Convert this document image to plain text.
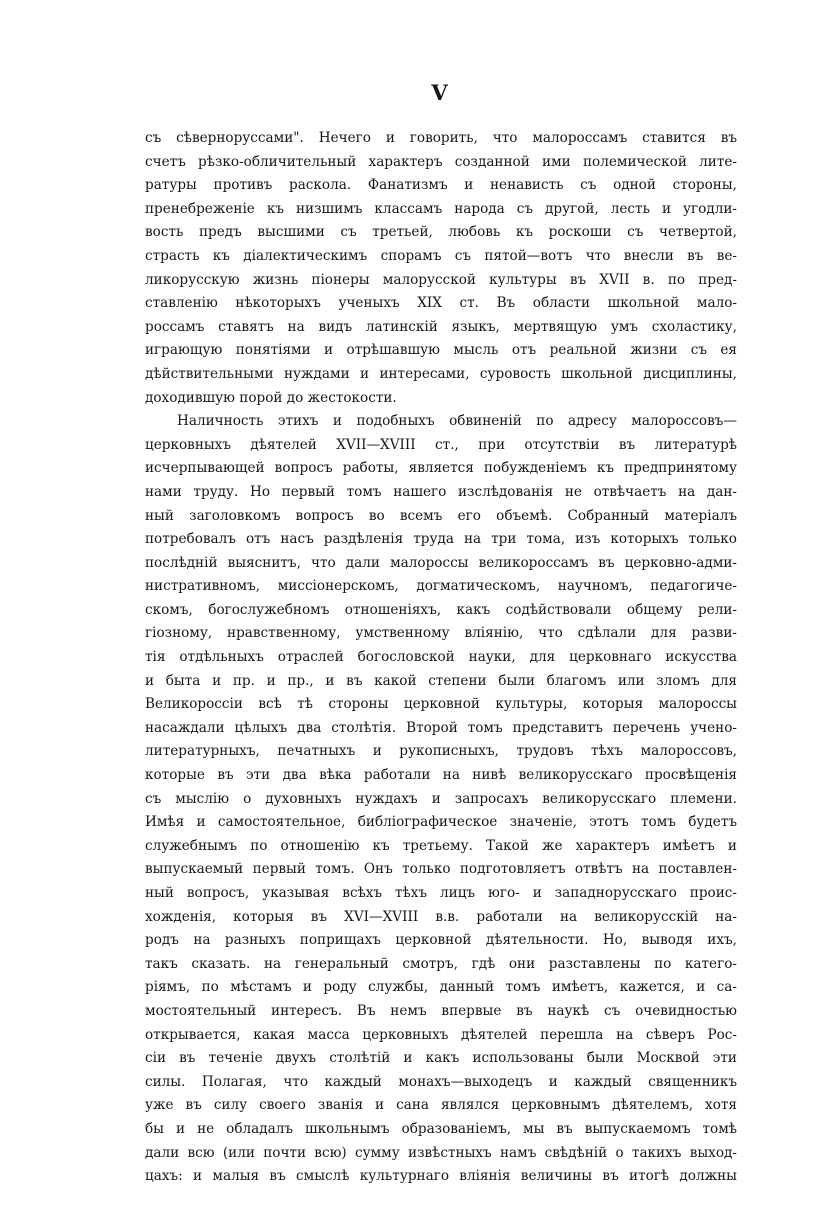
V
съ сѣвернорусcами". Нечего и говорить, что малороссамъ ставится въ
счетъ рѣзко-обличительный характеръ созданной ими полемической лите-
ратуры противъ раскола. Фанатизмъ и ненависть съ одной стороны,
пренебреженіе къ низшимъ классамъ народа съ другой, лесть и угодли-
вость предъ высшими съ третьей, любовь къ роскоши съ четвертой,
страсть къ діалектическимъ спорамъ съ пятой—вотъ что внесли въ ве-
ликорусскую жизнь піонеры малорусской культуры въ XVII в. по пред-
ставленію нѣкоторыхъ ученыхъ XIX ст. Въ области школьной мало-
россамъ ставятъ на видъ латинскій языкъ, мертвящую умъ схоластику,
играющую понятіями и отрѣшавшую мысль отъ реальной жизни съ ея
дѣйствительными нуждами и интересами, суровость школьной дисциплины,
доходившую порой до жестокости.
Наличность этихъ и подобныхъ обвиненій по адресу малороссовъ—
церковныхъ дѣятелей XVII—XVIII ст., при отсутствіи въ литературѣ
исчерпывающей вопросъ работы, является побужденіемъ къ предпринятому
нами труду. Но первый томъ нашего изслѣдованія не отвѣчаетъ на дан-
ный заголовкомъ вопросъ во всемъ его объемѣ. Собранный матеріалъ
потребовалъ отъ насъ раздѣленія труда на три тома, изъ которыхъ только
послѣдній выяснитъ, что дали малороссы великороссамъ въ церковно-адми-
нистративномъ, миссіонерскомъ, догматическомъ, научномъ, педагогиче-
скомъ, богослужебномъ отношеніяхъ, какъ содѣйствовали общему рели-
гіозному, нравственному, умственному вліянію, что сдѣлали для разви-
тія отдѣльныхъ отраслей богословской науки, для церковнаго искусства
и быта и пр. и пр., и въ какой степени были благомъ или зломъ для
Великороссіи всѣ тѣ стороны церковной культуры, которыя малороссы
насаждали цѣлыхъ два столѣтія. Второй томъ представитъ перечень учено-
литературныхъ, печатныхъ и рукописныхъ, трудовъ тѣхъ малороссовъ,
которые въ эти два вѣка работали на нивѣ великорусскаго просвѣщенія
съ мыслію о духовныхъ нуждахъ и запросахъ великорусскаго племени.
Имѣя и самостоятельное, библіографическое значеніе, этотъ томъ будетъ
служебнымъ по отношенію къ третьему. Такой же характеръ имѣетъ и
выпускаемый первый томъ. Онъ только подготовляетъ отвѣтъ на поставлен-
ный вопросъ, указывая всѣхъ тѣхъ лицъ юго- и западнорусскаго проис-
хожденія, которыя въ XVI—XVIII в.в. работали на великорусскій на-
родъ на разныхъ поприщахъ церковной дѣятельности. Но, выводя ихъ,
такъ сказать. на генеральный смотръ, гдѣ они разставлены по катего-
ріямъ, по мѣстамъ и роду службы, данный томъ имѣетъ, кажется, и са-
мостоятельный интересъ. Въ немъ впервые въ наукѣ съ очевидностью
открывается, какая масса церковныхъ дѣятелей перешла на сѣверъ Рос-
сіи въ теченіе двухъ столѣтій и какъ использованы были Москвой эти
силы. Полагая, что каждый монахъ—выходецъ и каждый священникъ
уже въ силу своего званія и сана являлся церковнымъ дѣятелемъ, хотя
бы и не обладалъ школьнымъ образованіемъ, мы въ выпускаемомъ томѣ
дали всю (или почти всю) сумму извѣстныхъ намъ свѣдѣній о такихъ выход-
цахъ: и малыя въ смыслѣ культурнаго вліянія величины въ итогѣ должны
